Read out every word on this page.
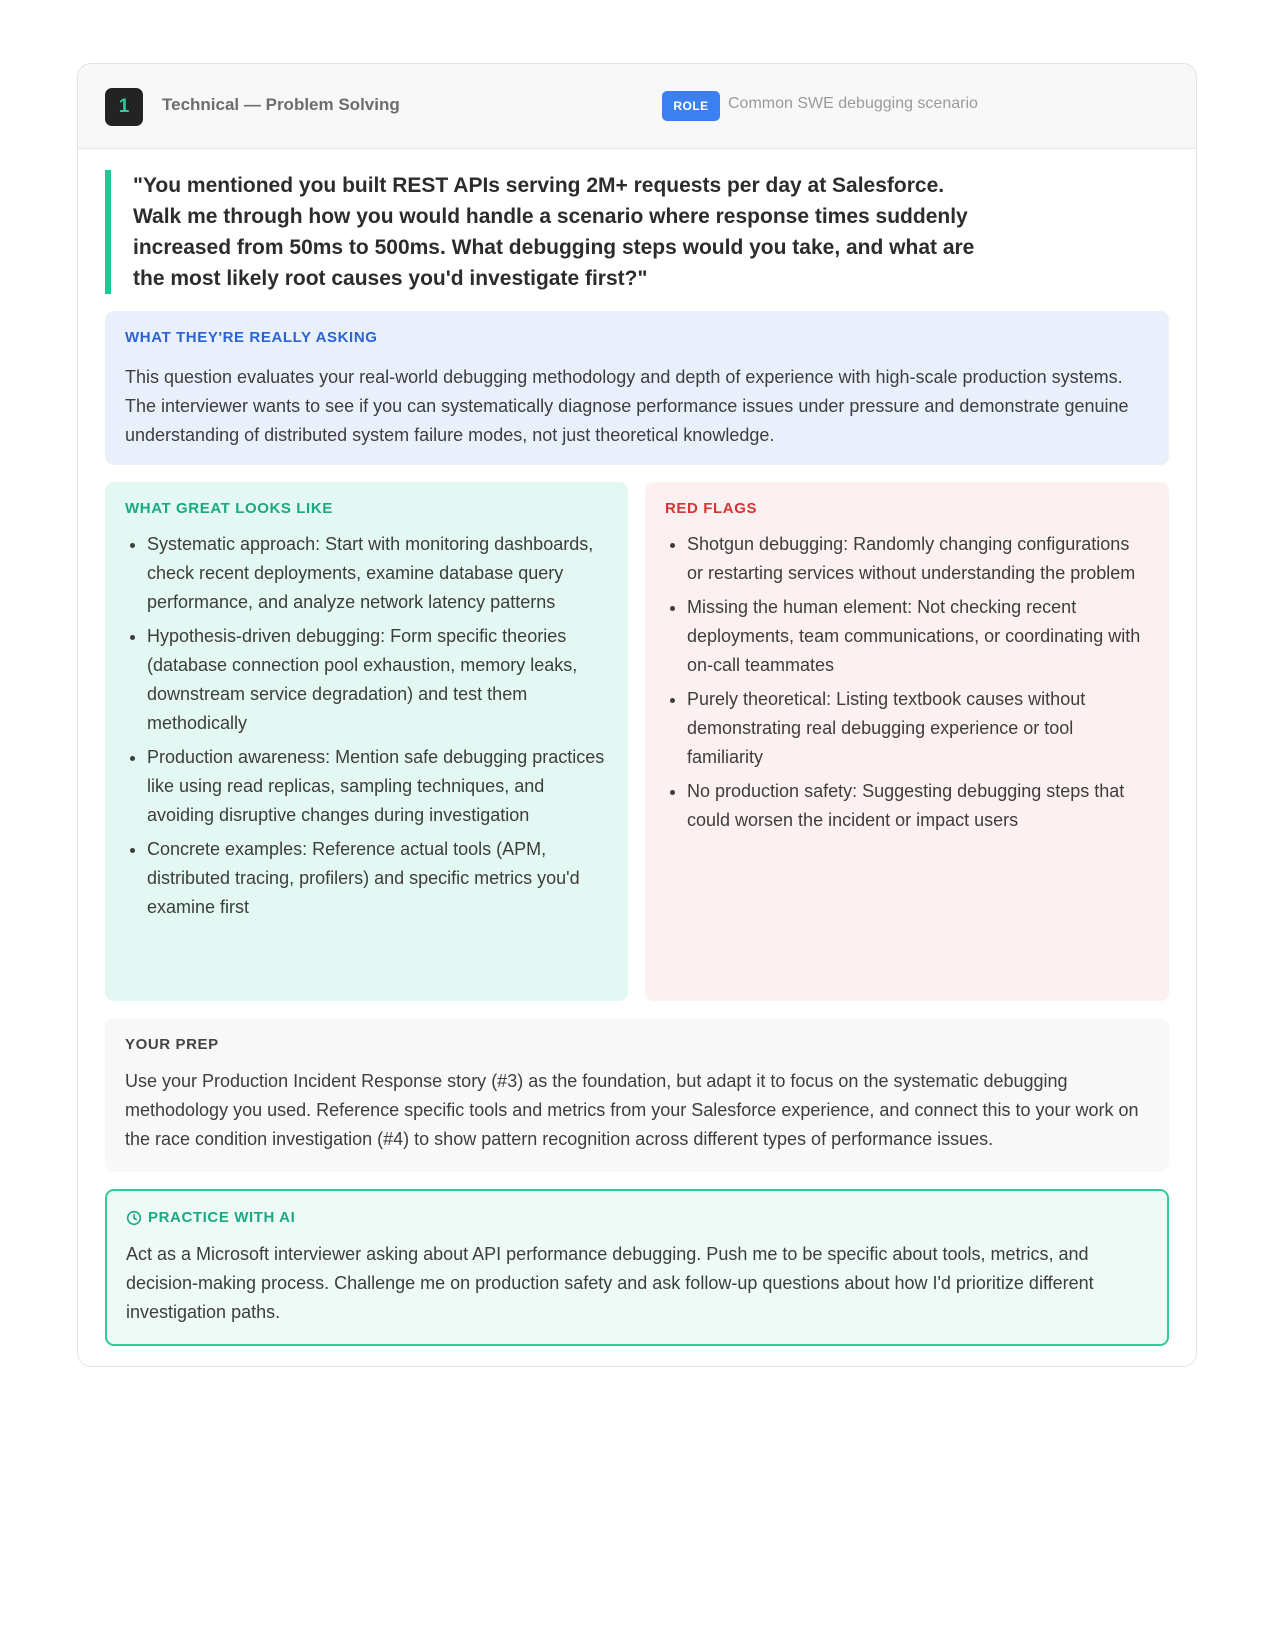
1	Technical — Problem Solving	ROLE	Common SWE debugging scenario
"You mentioned you built REST APIs serving 2M+ requests per day at Salesforce. Walk me through how you would handle a scenario where response times suddenly increased from 50ms to 500ms. What debugging steps would you take, and what are the most likely root causes you'd investigate first?"

WHAT THEY'RE REALLY ASKING

This question evaluates your real-world debugging methodology and depth of experience with high-scale production systems. The interviewer wants to see if you can systematically diagnose performance issues under pressure and demonstrate genuine understanding of distributed system failure modes, not just theoretical knowledge.

WHAT GREAT LOOKS LIKE

• Systematic approach: Start with monitoring dashboards, check recent deployments, examine database query performance, and analyze network latency patterns
• Hypothesis-driven debugging: Form specific theories (database connection pool exhaustion, memory leaks, downstream service degradation) and test them methodically
• Production awareness: Mention safe debugging practices like using read replicas, sampling techniques, and avoiding disruptive changes during investigation
• Concrete examples: Reference actual tools (APM, distributed tracing, profilers) and specific metrics you'd examine first

RED FLAGS

• Shotgun debugging: Randomly changing configurations or restarting services without understanding the problem
• Missing the human element: Not checking recent deployments, team communications, or coordinating with on-call teammates
• Purely theoretical: Listing textbook causes without demonstrating real debugging experience or tool familiarity
• No production safety: Suggesting debugging steps that could worsen the incident or impact users

YOUR PREP

Use your Production Incident Response story (#3) as the foundation, but adapt it to focus on the systematic debugging methodology you used. Reference specific tools and metrics from your Salesforce experience, and connect this to your work on the race condition investigation (#4) to show pattern recognition across different types of performance issues.

PRACTICE WITH AI

Act as a Microsoft interviewer asking about API performance debugging. Push me to be specific about tools, metrics, and decision-making process. Challenge me on production safety and ask follow-up questions about how I'd prioritize different investigation paths.
